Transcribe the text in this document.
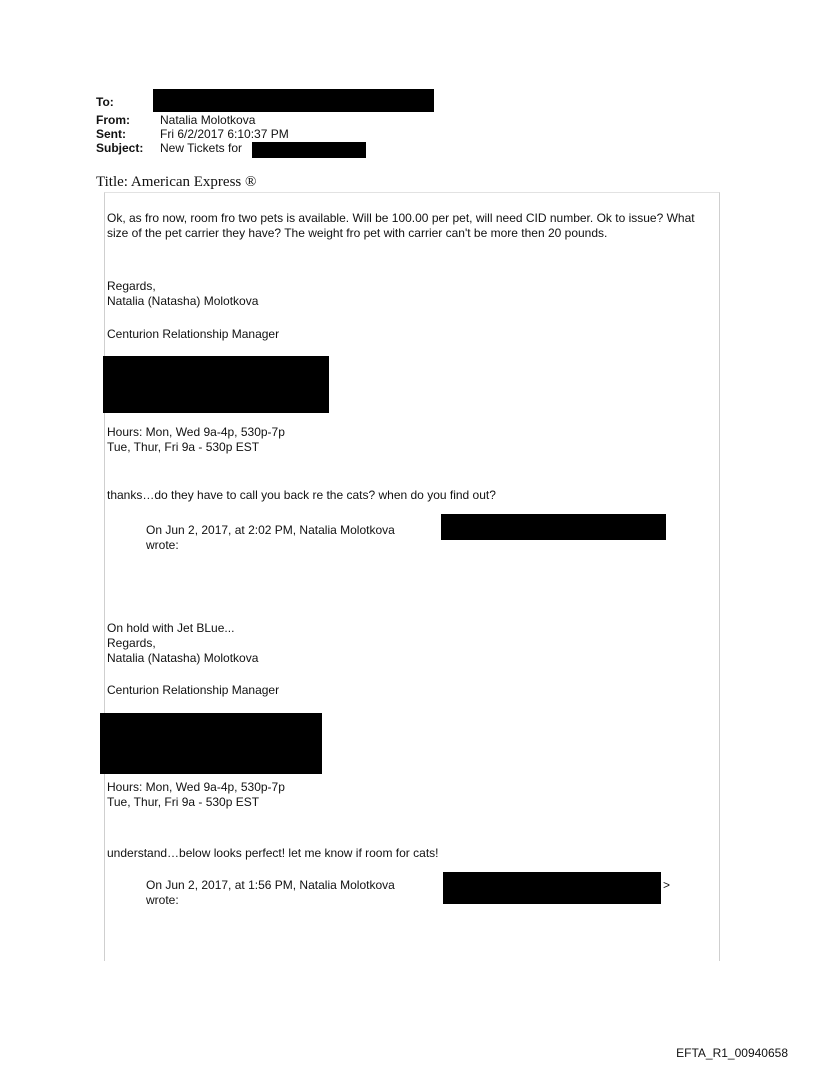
To:
From:	Natalia Molotkova
Sent:	Fri 6/2/2017 6:10:37 PM
Subject: New Tickets for
Title: American Express ®
Ok, as fro now, room fro two pets is available. Will be 100.00 per pet, will need CID number. Ok to issue? What size of the pet carrier they have? The weight fro pet with carrier can't be more then 20 pounds.
Regards,
Natalia (Natasha) Molotkova
Centurion Relationship Manager
Hours: Mon, Wed 9a-4p, 530p-7p
Tue, Thur, Fri 9a - 530p EST
thanks…do they have to call you back re the cats? when do you find out?
On Jun 2, 2017, at 2:02 PM, Natalia Molotkova
wrote:
On hold with Jet BLue...
Regards,
Natalia (Natasha) Molotkova
Centurion Relationship Manager
Hours: Mon, Wed 9a-4p, 530p-7p
Tue, Thur, Fri 9a - 530p EST
understand…below looks perfect! let me know if room for cats!
On Jun 2, 2017, at 1:56 PM, Natalia Molotkova	>
wrote:
EFTA_R1_00940658
